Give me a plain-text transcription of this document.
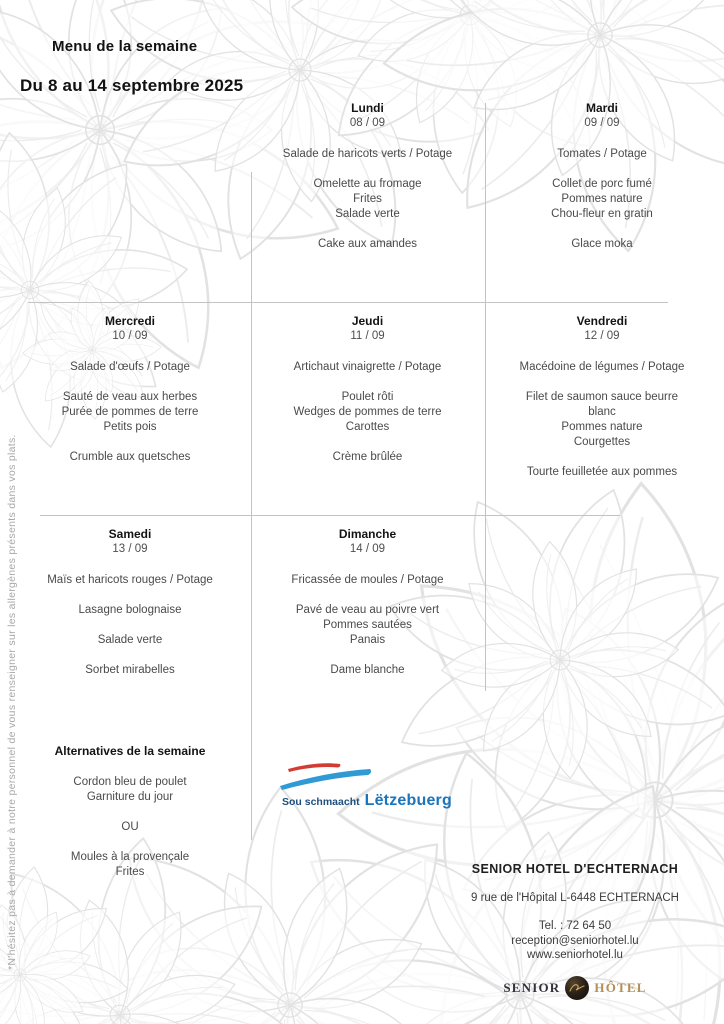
Menu de la semaine
Du 8 au 14 septembre 2025
Lundi
08 / 09
Salade de haricots verts / Potage
Omelette au fromage
Frites
Salade verte
Cake aux amandes
Mardi
09 / 09
Tomates / Potage
Collet de porc fumé
Pommes nature
Chou-fleur en gratin
Glace moka
Mercredi
10 / 09
Salade d'œufs / Potage
Sauté de veau aux herbes
Purée de pommes de terre
Petits pois
Crumble aux quetsches
Jeudi
11 / 09
Artichaut vinaigrette / Potage
Poulet rôti
Wedges de pommes de terre
Carottes
Crème brûlée
Vendredi
12 / 09
Macédoine de légumes / Potage
Filet de saumon sauce beurre
blanc
Pommes nature
Courgettes
Tourte feuilletée aux pommes
Samedi
13 / 09
Maïs et haricots rouges / Potage
Lasagne bolognaise
Salade verte
Sorbet mirabelles
Dimanche
14 / 09
Fricassée de moules / Potage
Pavé de veau au poivre vert
Pommes sautées
Panais
Dame blanche
Alternatives de la semaine
Cordon bleu de poulet
Garniture du jour
OU
Moules à la provençale
Frites
*N'hésitez pas à demander à notre personnel de vous renseigner sur les allergènes présents dans vos plats.	Sou schmaacht Lëtzebuerg
SENIOR HOTEL D'ECHTERNACH
9 rue de l'Hôpital L-6448 ECHTERNACH
Tel. : 72 64 50
reception@seniorhotel.lu
www.seniorhotel.lu
SENIOR	HÔTEL
